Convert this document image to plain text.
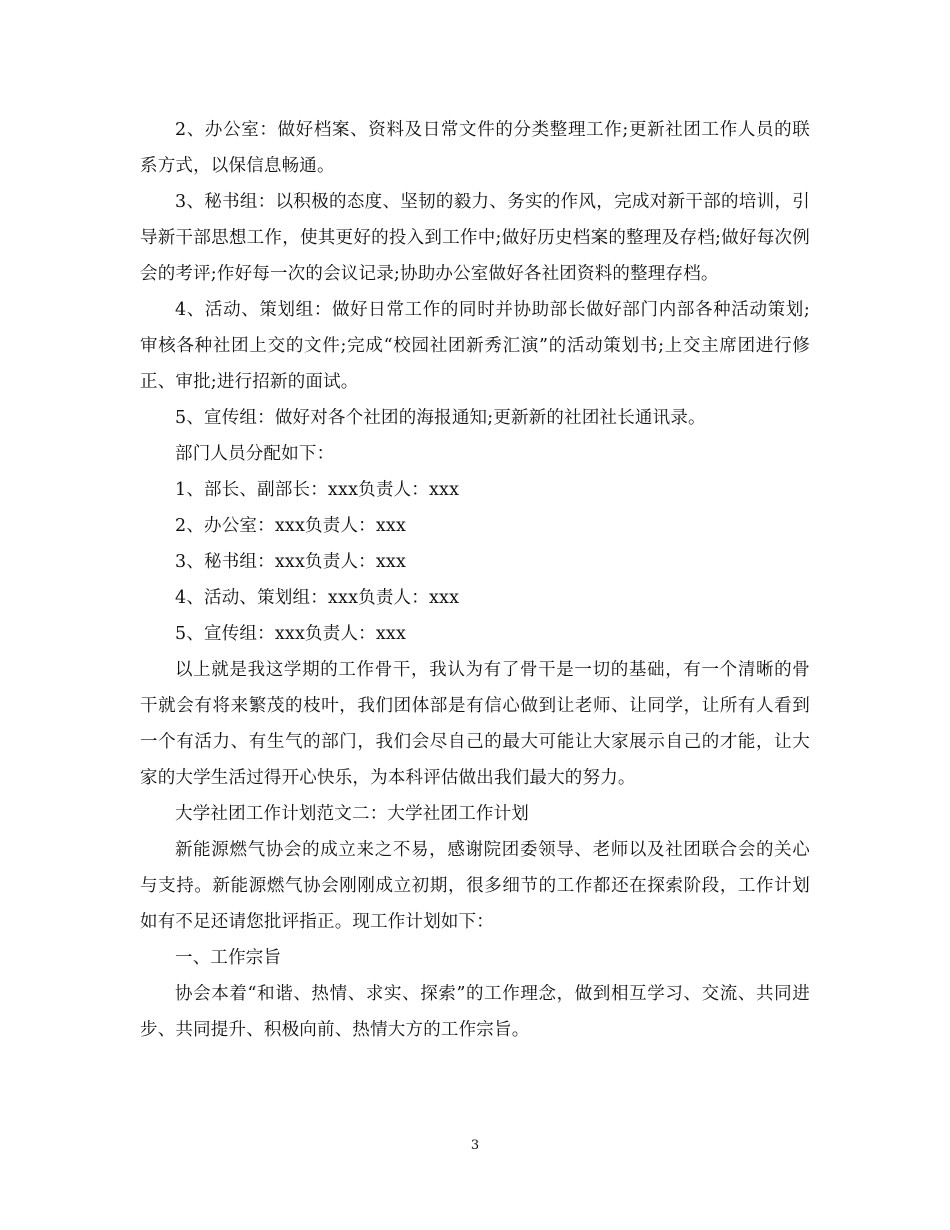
2、办公室：做好档案、资料及日常文件的分类整理工作;更新社团工作人员的联系方式，以保信息畅通。

3、秘书组：以积极的态度、坚韧的毅力、务实的作风，完成对新干部的培训，引导新干部思想工作，使其更好的投入到工作中;做好历史档案的整理及存档;做好每次例会的考评;作好每一次的会议记录;协助办公室做好各社团资料的整理存档。

4、活动、策划组：做好日常工作的同时并协助部长做好部门内部各种活动策划;审核各种社团上交的文件;完成“校园社团新秀汇演”的活动策划书;上交主席团进行修正、审批;进行招新的面试。

5、宣传组：做好对各个社团的海报通知;更新新的社团社长通讯录。

部门人员分配如下：

1、部长、副部长：xxx负责人：xxx

2、办公室：xxx负责人：xxx

3、秘书组：xxx负责人：xxx

4、活动、策划组：xxx负责人：xxx

5、宣传组：xxx负责人：xxx

以上就是我这学期的工作骨干，我认为有了骨干是一切的基础，有一个清晰的骨干就会有将来繁茂的枝叶，我们团体部是有信心做到让老师、让同学，让所有人看到一个有活力、有生气的部门，我们会尽自己的最大可能让大家展示自己的才能，让大家的大学生活过得开心快乐，为本科评估做出我们最大的努力。

大学社团工作计划范文二：大学社团工作计划

新能源燃气协会的成立来之不易，感谢院团委领导、老师以及社团联合会的关心与支持。新能源燃气协会刚刚成立初期，很多细节的工作都还在探索阶段，工作计划如有不足还请您批评指正。现工作计划如下：

一、工作宗旨

协会本着“和谐、热情、求实、探索”的工作理念，做到相互学习、交流、共同进步、共同提升、积极向前、热情大方的工作宗旨。

3
